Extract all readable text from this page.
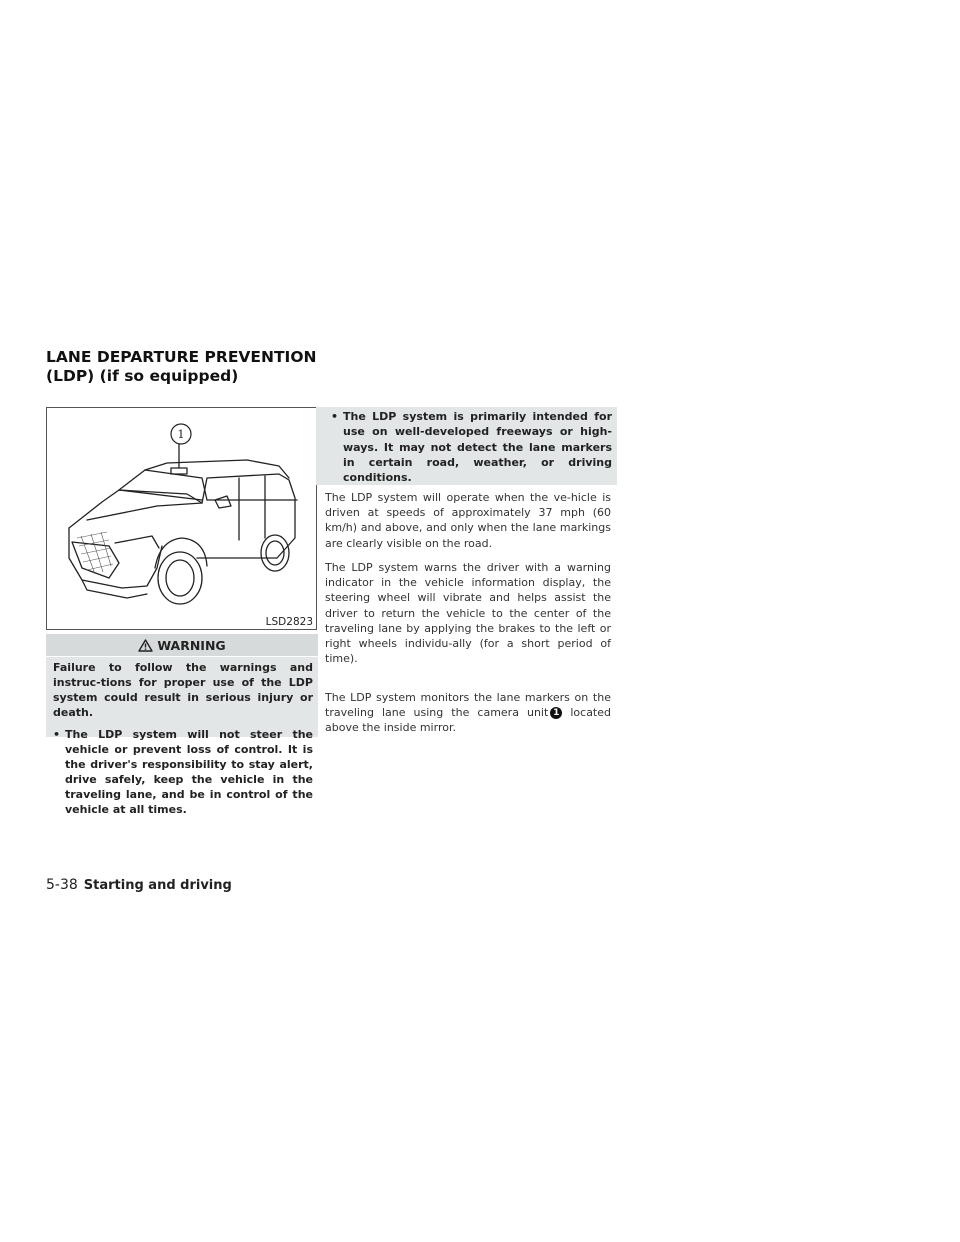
LANE DEPARTURE PREVENTION
(LDP) (if so equipped)
1
LSD2823
WARNING

Failure to follow the warnings and instruc-tions for proper use of the LDP system could result in serious injury or death.

• The LDP system will not steer the vehicle or prevent loss of control. It is the driver's responsibility to stay alert, drive safely, keep the vehicle in the traveling lane, and be in control of the vehicle at all times.
• The LDP system is primarily intended for use on well-developed freeways or high-ways. It may not detect the lane markers in certain road, weather, or driving conditions.

The LDP system will operate when the ve-hicle is driven at speeds of approximately 37 mph (60 km/h) and above, and only when the lane markings are clearly visible on the road.

The LDP system warns the driver with a warning indicator in the vehicle information display, the steering wheel will vibrate and helps assist the driver to return the vehicle to the center of the traveling lane by applying the brakes to the left or right wheels individu-ally (for a short period of time).

The LDP system monitors the lane markers on the traveling lane using the camera unit 1 located above the inside mirror.

5-38 Starting and driving
